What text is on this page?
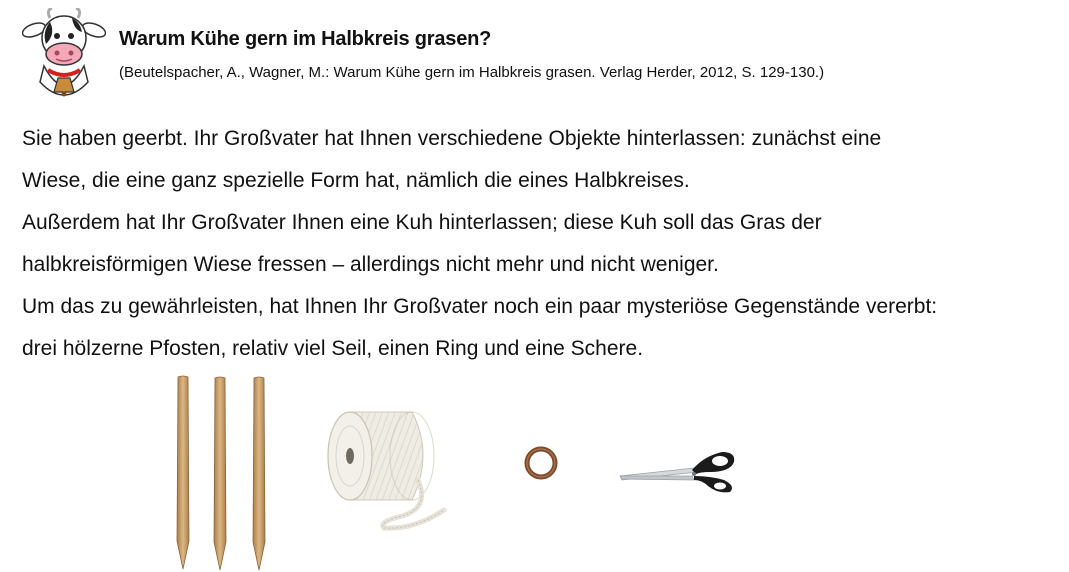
Warum Kühe gern im Halbkreis grasen?
(Beutelspacher, A., Wagner, M.: Warum Kühe gern im Halbkreis grasen. Verlag Herder, 2012, S. 129-130.)

Sie haben geerbt. Ihr Großvater hat Ihnen verschiedene Objekte hinterlassen: zunächst eine

Wiese, die eine ganz spezielle Form hat, nämlich die eines Halbkreises.

Außerdem hat Ihr Großvater Ihnen eine Kuh hinterlassen; diese Kuh soll das Gras der

halbkreisförmigen Wiese fressen – allerdings nicht mehr und nicht weniger.

Um das zu gewährleisten, hat Ihnen Ihr Großvater noch ein paar mysteriöse Gegenstände vererbt:

drei hölzerne Pfosten, relativ viel Seil, einen Ring und eine Schere.
